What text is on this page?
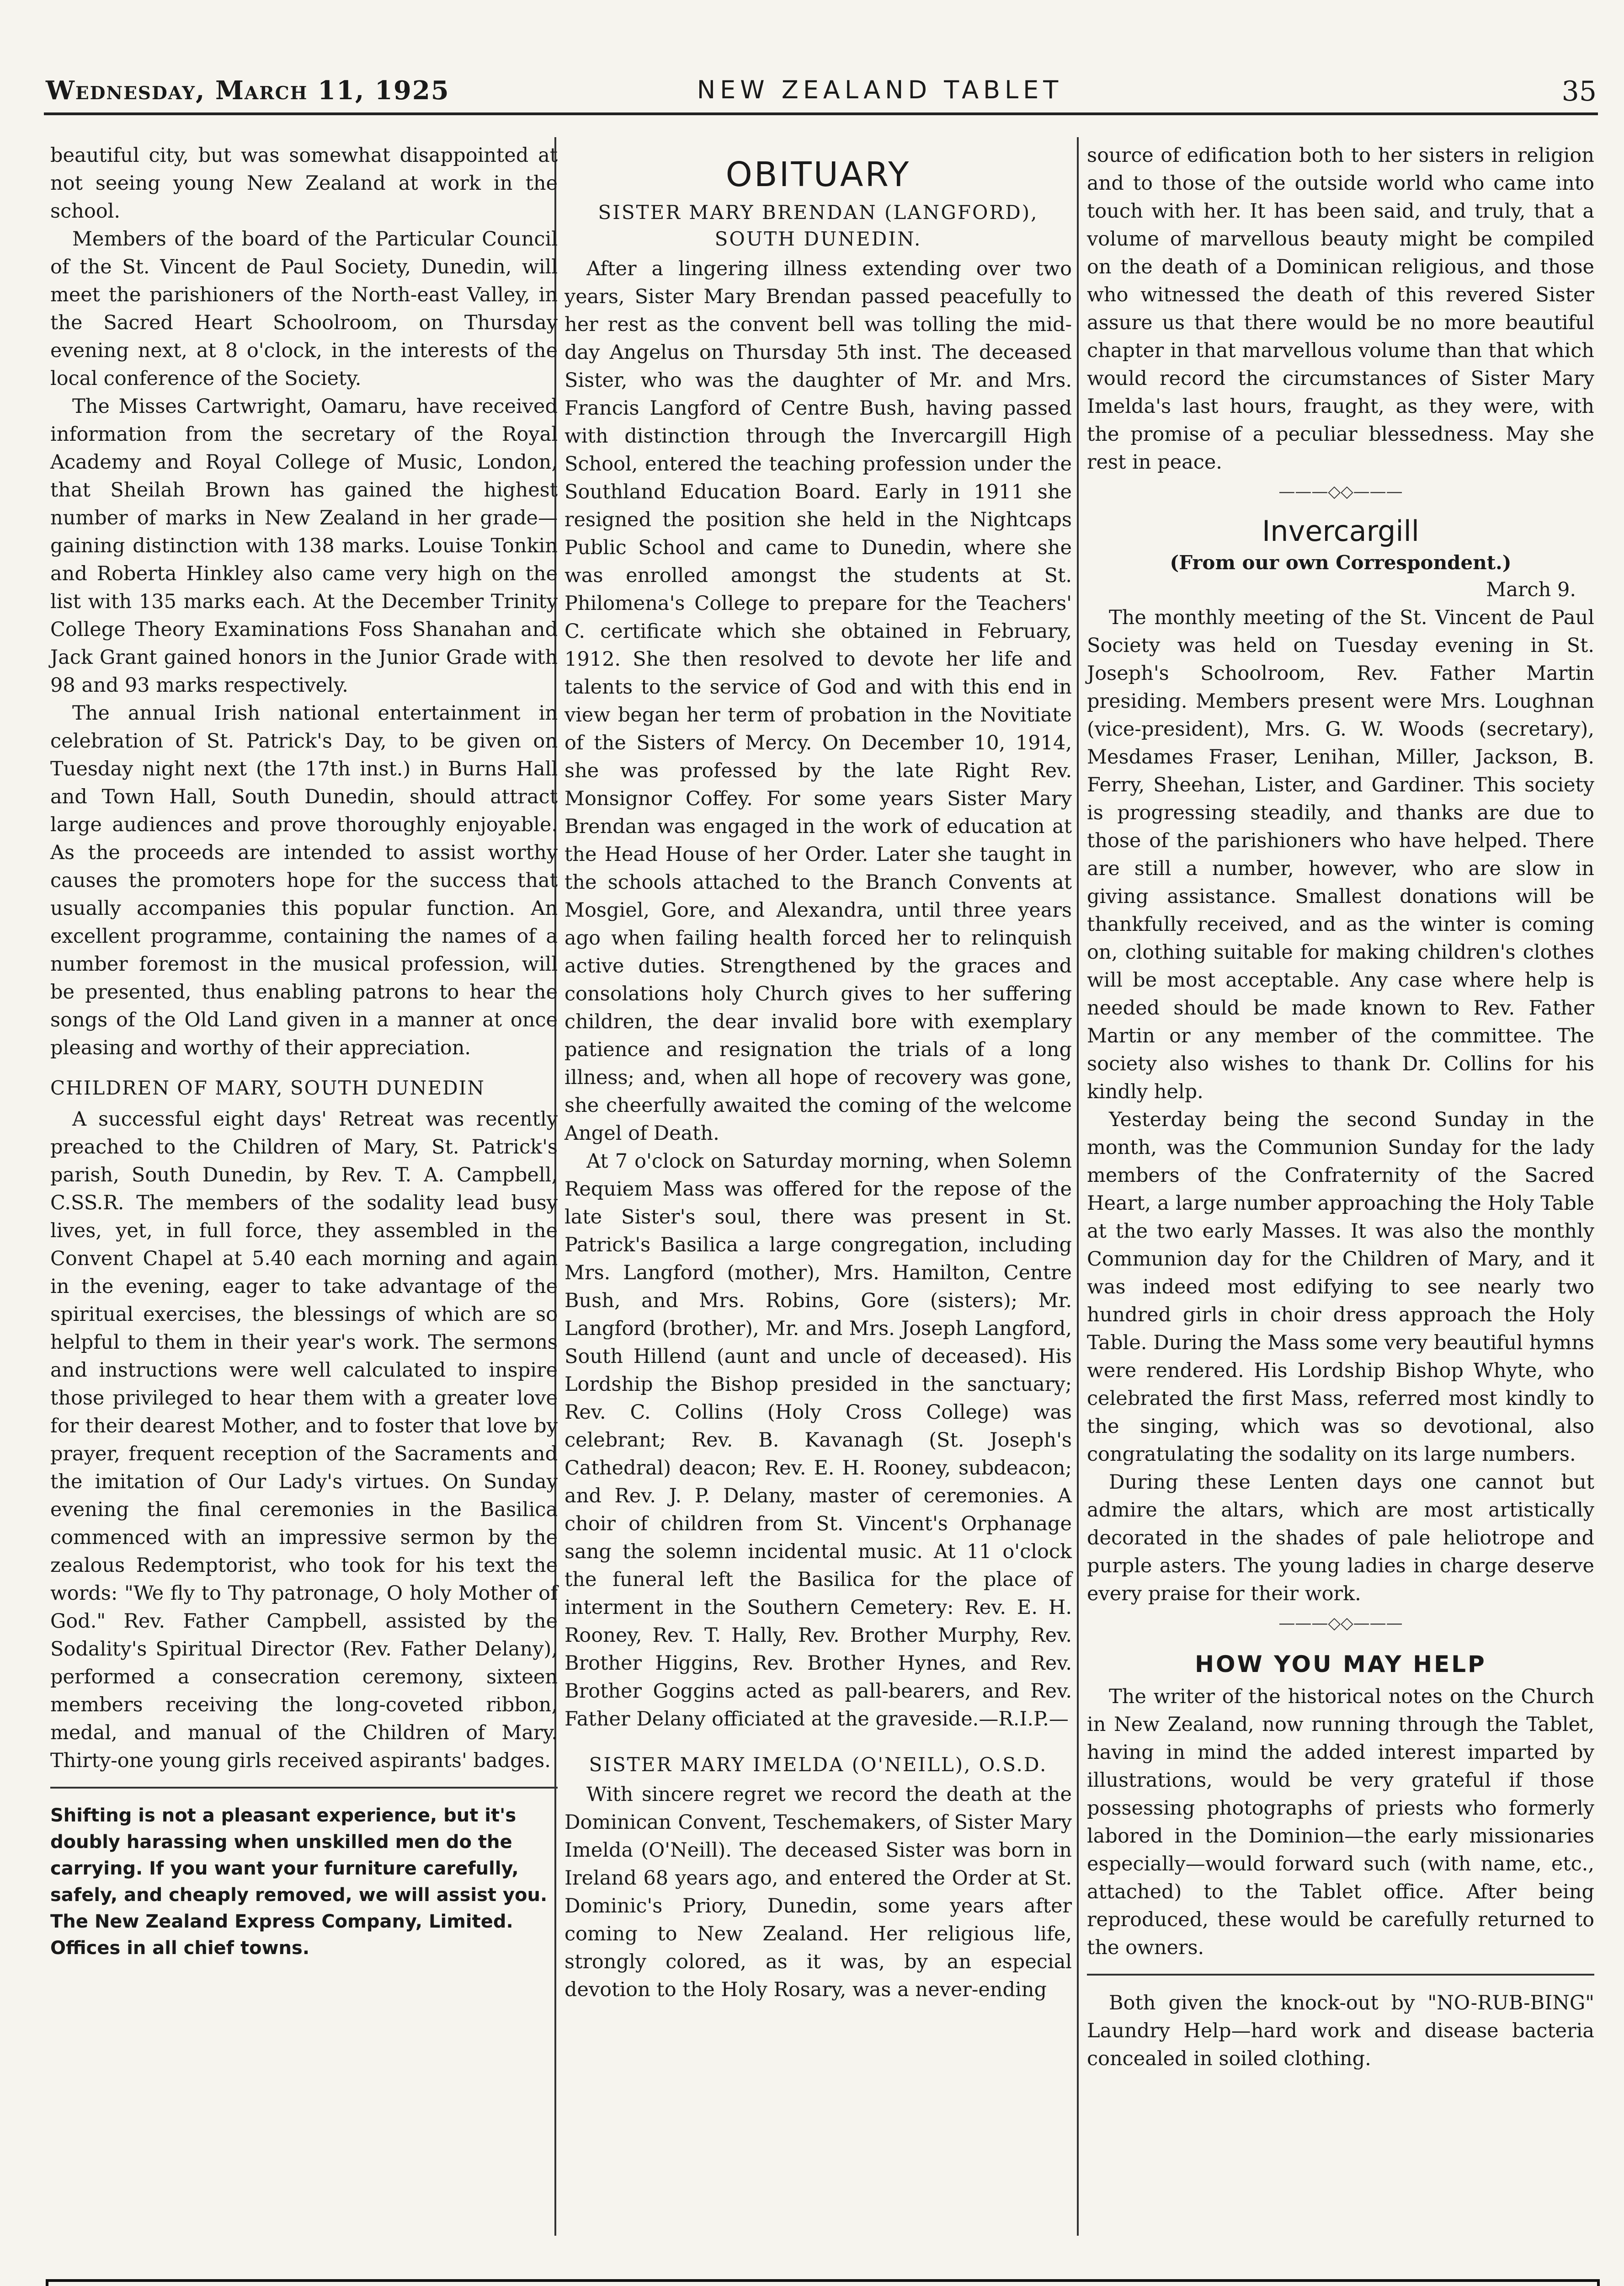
Wednesday, March 11, 1925	NEW ZEALAND TABLET	35

beautiful city, but was somewhat disappointed at not seeing young New Zealand at work in the school.

Members of the board of the Particular Council of the St. Vincent de Paul Society, Dunedin, will meet the parishioners of the North-east Valley, in the Sacred Heart Schoolroom, on Thursday evening next, at 8 o'clock, in the interests of the local conference of the Society.

The Misses Cartwright, Oamaru, have received information from the secretary of the Royal Academy and Royal College of Music, London, that Sheilah Brown has gained the highest number of marks in New Zealand in her grade—gaining distinction with 138 marks. Louise Tonkin and Roberta Hinkley also came very high on the list with 135 marks each. At the December Trinity College Theory Examinations Foss Shanahan and Jack Grant gained honors in the Junior Grade with 98 and 93 marks respectively.

The annual Irish national entertainment in celebration of St. Patrick's Day, to be given on Tuesday night next (the 17th inst.) in Burns Hall and Town Hall, South Dunedin, should attract large audiences and prove thoroughly enjoyable. As the proceeds are intended to assist worthy causes the promoters hope for the success that usually accompanies this popular function. An excellent programme, containing the names of a number foremost in the musical profession, will be presented, thus enabling patrons to hear the songs of the Old Land given in a manner at once pleasing and worthy of their appreciation.

CHILDREN OF MARY, SOUTH DUNEDIN

A successful eight days' Retreat was recently preached to the Children of Mary, St. Patrick's parish, South Dunedin, by Rev. T. A. Campbell, C.SS.R. The members of the sodality lead busy lives, yet, in full force, they assembled in the Convent Chapel at 5.40 each morning and again in the evening, eager to take advantage of the spiritual exercises, the blessings of which are so helpful to them in their year's work. The sermons and instructions were well calculated to inspire those privileged to hear them with a greater love for their dearest Mother, and to foster that love by prayer, frequent reception of the Sacraments and the imitation of Our Lady's virtues. On Sunday evening the final ceremonies in the Basilica commenced with an impressive sermon by the zealous Redemptorist, who took for his text the words: "We fly to Thy patronage, O holy Mother of God." Rev. Father Campbell, assisted by the Sodality's Spiritual Director (Rev. Father Delany), performed a consecration ceremony, sixteen members receiving the long-coveted ribbon, medal, and manual of the Children of Mary. Thirty-one young girls received aspirants' badges.

Shifting is not a pleasant experience, but it's doubly harassing when unskilled men do the carrying. If you want your furniture carefully, safely, and cheaply removed, we will assist you. The New Zealand Express Company, Limited. Offices in all chief towns.

OBITUARY
SISTER MARY BRENDAN (LANGFORD), SOUTH DUNEDIN.

After a lingering illness extending over two years, Sister Mary Brendan passed peacefully to her rest as the convent bell was tolling the mid-day Angelus on Thursday 5th inst. The deceased Sister, who was the daughter of Mr. and Mrs. Francis Langford of Centre Bush, having passed with distinction through the Invercargill High School, entered the teaching profession under the Southland Education Board. Early in 1911 she resigned the position she held in the Nightcaps Public School and came to Dunedin, where she was enrolled amongst the students at St. Philomena's College to prepare for the Teachers' C. certificate which she obtained in February, 1912. She then resolved to devote her life and talents to the service of God and with this end in view began her term of probation in the Novitiate of the Sisters of Mercy. On December 10, 1914, she was professed by the late Right Rev. Monsignor Coffey. For some years Sister Mary Brendan was engaged in the work of education at the Head House of her Order. Later she taught in the schools attached to the Branch Convents at Mosgiel, Gore, and Alexandra, until three years ago when failing health forced her to relinquish active duties. Strengthened by the graces and consolations holy Church gives to her suffering children, the dear invalid bore with exemplary patience and resignation the trials of a long illness; and, when all hope of recovery was gone, she cheerfully awaited the coming of the welcome Angel of Death.

At 7 o'clock on Saturday morning, when Solemn Requiem Mass was offered for the repose of the late Sister's soul, there was present in St. Patrick's Basilica a large congregation, including Mrs. Langford (mother), Mrs. Hamilton, Centre Bush, and Mrs. Robins, Gore (sisters); Mr. Langford (brother), Mr. and Mrs. Joseph Langford, South Hillend (aunt and uncle of deceased). His Lordship the Bishop presided in the sanctuary; Rev. C. Collins (Holy Cross College) was celebrant; Rev. B. Kavanagh (St. Joseph's Cathedral) deacon; Rev. E. H. Rooney, subdeacon; and Rev. J. P. Delany, master of ceremonies. A choir of children from St. Vincent's Orphanage sang the solemn incidental music. At 11 o'clock the funeral left the Basilica for the place of interment in the Southern Cemetery: Rev. E. H. Rooney, Rev. T. Hally, Rev. Brother Murphy, Rev. Brother Higgins, Rev. Brother Hynes, and Rev. Brother Goggins acted as pall-bearers, and Rev. Father Delany officiated at the graveside.—R.I.P.—

SISTER MARY IMELDA (O'NEILL), O.S.D.

With sincere regret we record the death at the Dominican Convent, Teschemakers, of Sister Mary Imelda (O'Neill). The deceased Sister was born in Ireland 68 years ago, and entered the Order at St. Dominic's Priory, Dunedin, some years after coming to New Zealand. Her religious life, strongly colored, as it was, by an especial devotion to the Holy Rosary, was a never-ending

source of edification both to her sisters in religion and to those of the outside world who came into touch with her. It has been said, and truly, that a volume of marvellous beauty might be compiled on the death of a Dominican religious, and those who witnessed the death of this revered Sister assure us that there would be no more beautiful chapter in that marvellous volume than that which would record the circumstances of Sister Mary Imelda's last hours, fraught, as they were, with the promise of a peculiar blessedness. May she rest in peace.

———◇◇———
Invercargill
(From our own Correspondent.)

March 9.

The monthly meeting of the St. Vincent de Paul Society was held on Tuesday evening in St. Joseph's Schoolroom, Rev. Father Martin presiding. Members present were Mrs. Loughnan (vice-president), Mrs. G. W. Woods (secretary), Mesdames Fraser, Lenihan, Miller, Jackson, B. Ferry, Sheehan, Lister, and Gardiner. This society is progressing steadily, and thanks are due to those of the parishioners who have helped. There are still a number, however, who are slow in giving assistance. Smallest donations will be thankfully received, and as the winter is coming on, clothing suitable for making children's clothes will be most acceptable. Any case where help is needed should be made known to Rev. Father Martin or any member of the committee. The society also wishes to thank Dr. Collins for his kindly help.

Yesterday being the second Sunday in the month, was the Communion Sunday for the lady members of the Confraternity of the Sacred Heart, a large number approaching the Holy Table at the two early Masses. It was also the monthly Communion day for the Children of Mary, and it was indeed most edifying to see nearly two hundred girls in choir dress approach the Holy Table. During the Mass some very beautiful hymns were rendered. His Lordship Bishop Whyte, who celebrated the first Mass, referred most kindly to the singing, which was so devotional, also congratulating the sodality on its large numbers.

During these Lenten days one cannot but admire the altars, which are most artistically decorated in the shades of pale heliotrope and purple asters. The young ladies in charge deserve every praise for their work.

———◇◇———
HOW YOU MAY HELP

The writer of the historical notes on the Church in New Zealand, now running through the Tablet, having in mind the added interest imparted by illustrations, would be very grateful if those possessing photographs of priests who formerly labored in the Dominion—the early missionaries especially—would forward such (with name, etc., attached) to the Tablet office. After being reproduced, these would be carefully returned to the owners.

Both given the knock-out by "NO-RUB-BING" Laundry Help—hard work and disease bacteria concealed in soiled clothing.
